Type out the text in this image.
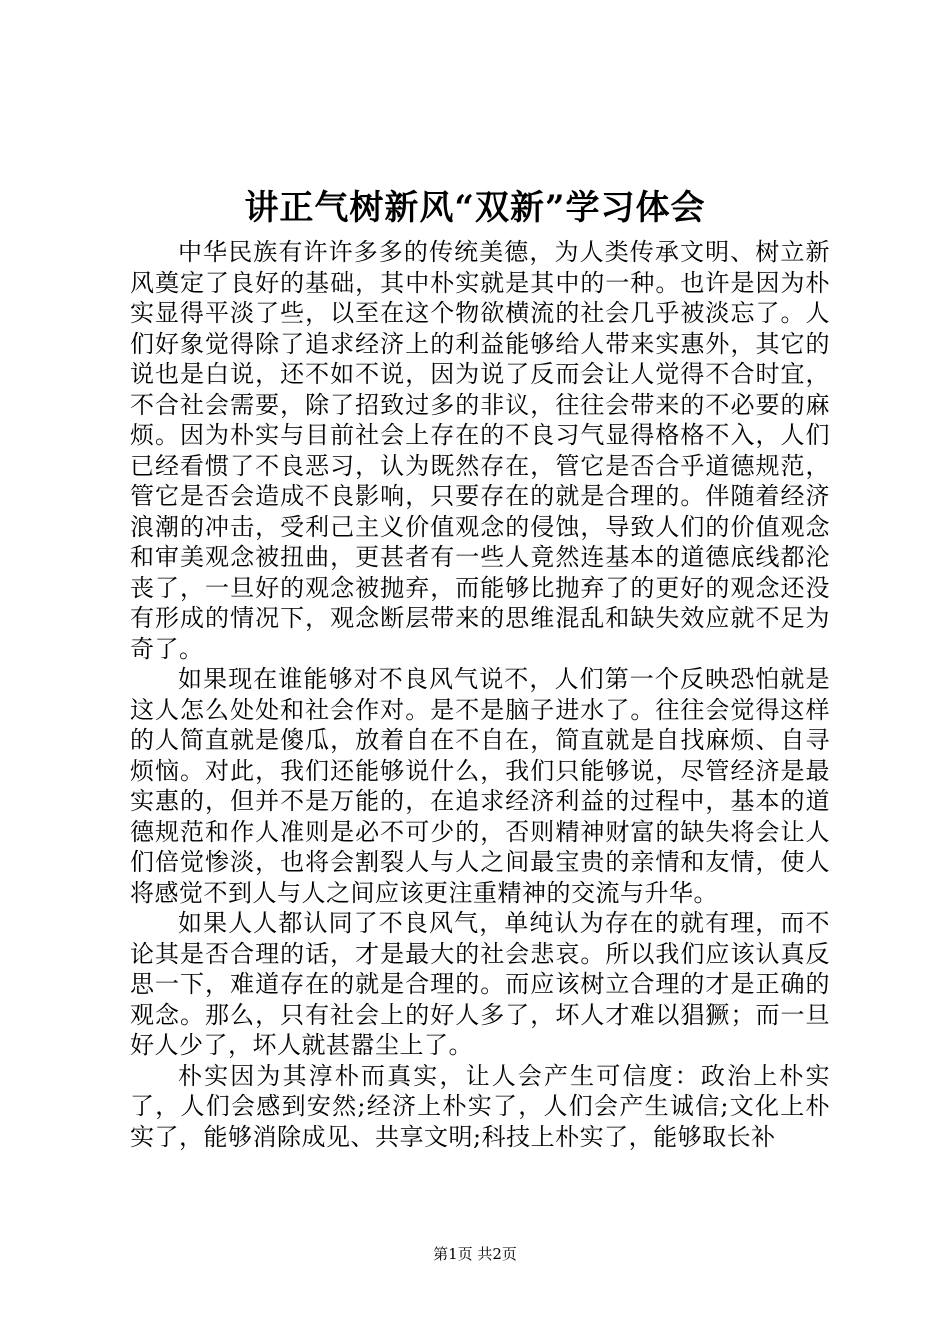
讲正气树新风“双新”学习体会

中华民族有许许多多的传统美德，为人类传承文明、树立新风奠定了良好的基础，其中朴实就是其中的一种。也许是因为朴实显得平淡了些，以至在这个物欲横流的社会几乎被淡忘了。人们好象觉得除了追求经济上的利益能够给人带来实惠外，其它的说也是白说，还不如不说，因为说了反而会让人觉得不合时宜，不合社会需要，除了招致过多的非议，往往会带来的不必要的麻烦。因为朴实与目前社会上存在的不良习气显得格格不入，人们已经看惯了不良恶习，认为既然存在，管它是否合乎道德规范，管它是否会造成不良影响，只要存在的就是合理的。伴随着经济浪潮的冲击，受利己主义价值观念的侵蚀，导致人们的价值观念和审美观念被扭曲，更甚者有一些人竟然连基本的道德底线都沦丧了，一旦好的观念被抛弃，而能够比抛弃了的更好的观念还没有形成的情况下，观念断层带来的思维混乱和缺失效应就不足为奇了。

如果现在谁能够对不良风气说不，人们第一个反映恐怕就是这人怎么处处和社会作对。是不是脑子进水了。往往会觉得这样的人简直就是傻瓜，放着自在不自在，简直就是自找麻烦、自寻烦恼。对此，我们还能够说什么，我们只能够说，尽管经济是最实惠的，但并不是万能的，在追求经济利益的过程中，基本的道德规范和作人准则是必不可少的，否则精神财富的缺失将会让人们倍觉惨淡，也将会割裂人与人之间最宝贵的亲情和友情，使人将感觉不到人与人之间应该更注重精神的交流与升华。

如果人人都认同了不良风气，单纯认为存在的就有理，而不论其是否合理的话，才是最大的社会悲哀。所以我们应该认真反思一下，难道存在的就是合理的。而应该树立合理的才是正确的观念。那么，只有社会上的好人多了，坏人才难以猖獗；而一旦好人少了，坏人就甚嚣尘上了。

朴实因为其淳朴而真实，让人会产生可信度：政治上朴实了，人们会感到安然;经济上朴实了，人们会产生诚信;文化上朴实了，能够消除成见、共享文明;科技上朴实了，能够取长补

第1页 共2页
